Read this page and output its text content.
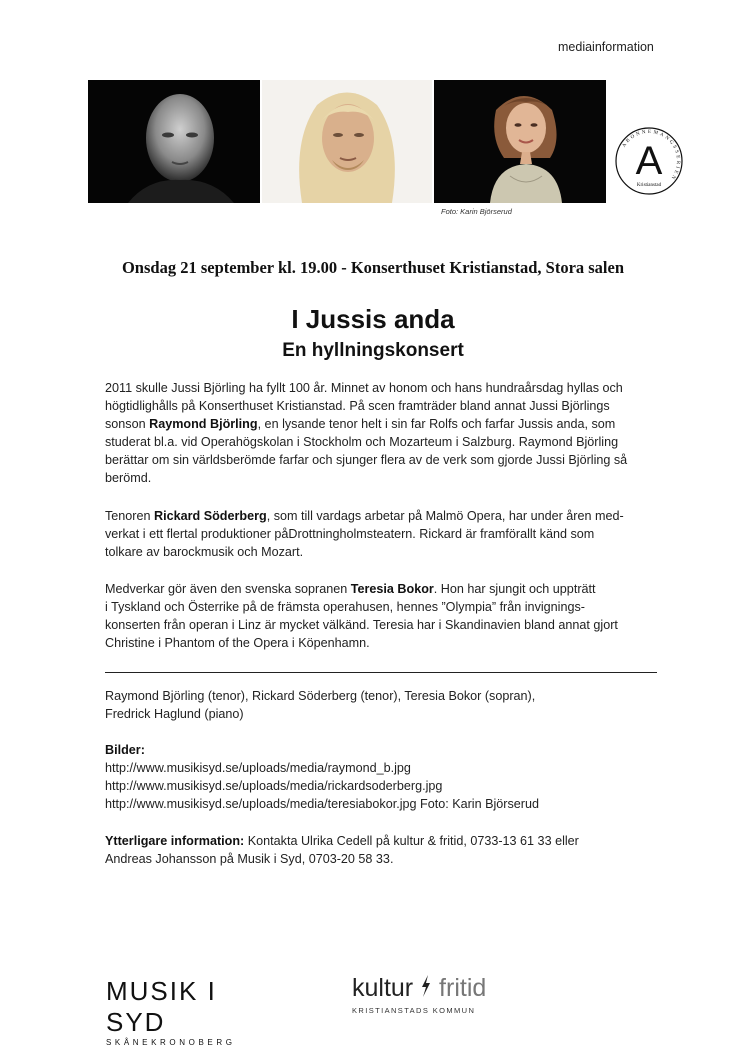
mediainformation
Foto: Karin Björserud
ABONNEMANGSSERIEN
A
Kristianstad
Onsdag 21 september kl. 19.00 - Konserthuset Kristianstad, Stora salen
I Jussis anda
En hyllningskonsert
2011 skulle Jussi Björling ha fyllt 100 år. Minnet av honom och hans hundraårsdag hyllas och
högtidlighålls på Konserthuset Kristianstad. På scen framträder bland annat Jussi Björlings
sonson Raymond Björling, en lysande tenor helt i sin far Rolfs och farfar Jussis anda, som
studerat bl.a. vid Operahögskolan i Stockholm och Mozarteum i Salzburg. Raymond Björling
berättar om sin världsberömde farfar och sjunger flera av de verk som gjorde Jussi Björling så
berömd.
Tenoren Rickard Söderberg, som till vardags arbetar på Malmö Opera, har under åren med-
verkat i ett flertal produktioner påDrottningholmsteatern. Rickard är framförallt känd som
tolkare av barockmusik och Mozart.
Medverkar gör även den svenska sopranen Teresia Bokor. Hon har sjungit och uppträtt
i Tyskland och Österrike på de främsta operahusen, hennes ”Olympia” från invignings-
konserten från operan i Linz är mycket välkänd. Teresia har i Skandinavien bland annat gjort
Christine i Phantom of the Opera i Köpenhamn.
Raymond Björling (tenor), Rickard Söderberg (tenor), Teresia Bokor (sopran),
Fredrick Haglund (piano)
Bilder:
http://www.musikisyd.se/uploads/media/raymond_b.jpg
http://www.musikisyd.se/uploads/media/rickardsoderberg.jpg
http://www.musikisyd.se/uploads/media/teresiabokor.jpg Foto: Karin Björserud
Ytterligare information: Kontakta Ulrika Cedell på kultur & fritid, 0733-13 61 33 eller
Andreas Johansson på Musik i Syd, 0703-20 58 33.
MUSIK I SYD
SKÅNEKRONOBERG
kultur fritid
KRISTIANSTADS KOMMUN
